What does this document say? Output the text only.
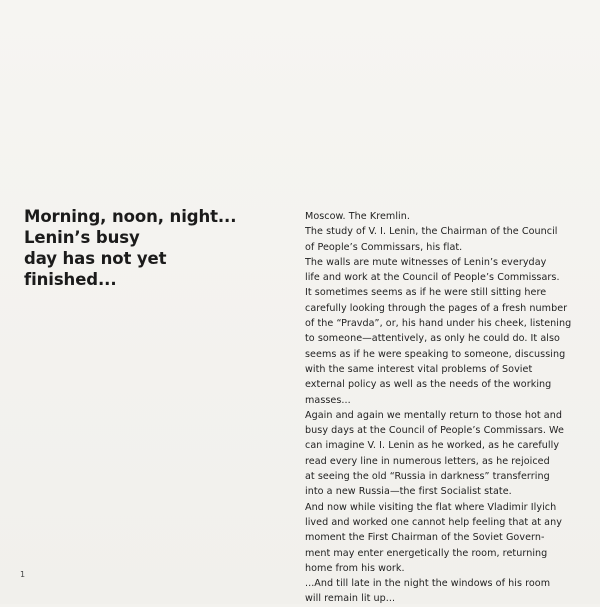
Morning, noon, night...
Lenin’s busy
day has not yet
finished...
Moscow. The Kremlin.
The study of V. I. Lenin, the Chairman of the Council
of People’s Commissars, his flat.
The walls are mute witnesses of Lenin’s everyday
life and work at the Council of People’s Commissars.
It sometimes seems as if he were still sitting here
carefully looking through the pages of a fresh number
of the “Pravda”, or, his hand under his cheek, listening
to someone—attentively, as only he could do. It also
seems as if he were speaking to someone, discussing
with the same interest vital problems of Soviet
external policy as well as the needs of the working
masses...
Again and again we mentally return to those hot and
busy days at the Council of People’s Commissars. We
can imagine V. I. Lenin as he worked, as he carefully
read every line in numerous letters, as he rejoiced
at seeing the old “Russia in darkness” transferring
into a new Russia—the first Socialist state.
And now while visiting the flat where Vladimir Ilyich
lived and worked one cannot help feeling that at any
moment the First Chairman of the Soviet Govern-
ment may enter energetically the room, returning
home from his work.
...And till late in the night the windows of his room
will remain lit up...
1
